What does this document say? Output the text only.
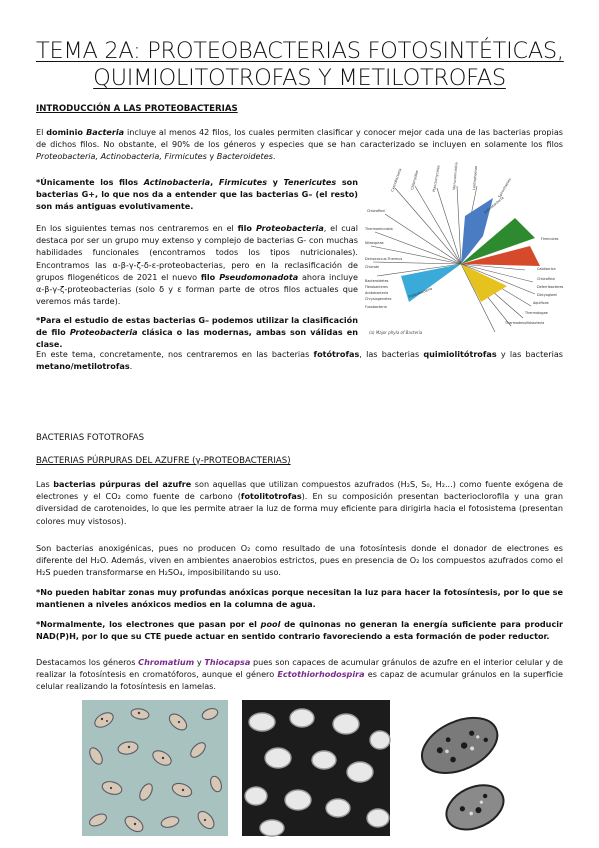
TEMA 2A: PROTEOBACTERIAS FOTOSINTÉTICAS,
QUIMIOLITOTROFAS Y METILOTROFAS
INTRODUCCIÓN A LAS PROTEOBACTERIAS

El dominio Bacteria incluye al menos 42 filos, los cuales permiten clasificar y conocer mejor cada una de las bacterias propias de dichos filos. No obstante, el 90% de los géneros y especies que se han caracterizado se incluyen en solamente los filos Proteobacteria, Actinobacteria, Firmicutes y Bacteroidetes.

*Únicamente los filos Actinobacteria, Firmicutes y Tenericutes son bacterias G+, lo que nos da a entender que las bacterias G– (el resto) son más antiguas evolutivamente.

En los siguientes temas nos centraremos en el filo Proteobacteria, el cual destaca por ser un grupo muy extenso y complejo de bacterias G- con muchas habilidades funcionales (encontramos todos los tipos nutricionales). Encontramos las α-β-γ-ζ-δ-ε-proteobacterias, pero en la reclasificación de grupos filogenéticos de 2021 el nuevo filo Pseudomonadota ahora incluye α-β-γ-ζ-proteobacterias (solo δ y ε forman parte de otros filos actuales que veremos más tarde).

*Para el estudio de estas bacterias G– podemos utilizar la clasificación de filo Proteobacteria clásica o las modernas, ambas son válidas en clase.

Chloroflexi
Thermomicrobia
Nitrospirae
Deinococcus-Thermus
Chlorobi
Bacteroidetes
Fibrobacteres
Acidobacteria
Chrysiogenetes
Fusobacteria
Caldiserica
Chloroflexi
Deferribacteres
Dictyoglomi
Aquificae
Thermotogae
Thermodesulfobacteria
Cyanobacteria Chlamydiae	Planctomycetes	Verrucomicrobia	Lentisphaerae	Spirochaetes
Actinobacteria
Firmicutes
Proteobacteria
(a) Major phyla of Bacteria

En este tema, concretamente, nos centraremos en las bacterias fotótrofas, las bacterias quimiolitótrofas y las bacterias metano/metilotrofas.

BACTERIAS FOTOTROFAS
BACTERIAS PÚRPURAS DEL AZUFRE (γ-PROTEOBACTERIAS)

Las bacterias púrpuras del azufre son aquellas que utilizan compuestos azufrados (H₂S, S₀, H₂...) como fuente exógena de electrones y el CO₂ como fuente de carbono (fotolitotrofas). En su composición presentan bacterioclorofila y una gran diversidad de carotenoides, lo que les permite atraer la luz de forma muy eficiente para dirigirla hacia el fotosistema (presentan colores muy vistosos).

Son bacterias anoxigénicas, pues no producen O₂ como resultado de una fotosíntesis donde el donador de electrones es diferente del H₂O. Además, viven en ambientes anaerobios estrictos, pues en presencia de O₂ los compuestos azufrados como el H₂S pueden transformarse en H₂SO₄, imposibilitando su uso.

*No pueden habitar zonas muy profundas anóxicas porque necesitan la luz para hacer la fotosíntesis, por lo que se mantienen a niveles anóxicos medios en la columna de agua.

*Normalmente, los electrones que pasan por el pool de quinonas no generan la energía suficiente para producir NAD(P)H, por lo que su CTE puede actuar en sentido contrario favoreciendo a esta formación de poder reductor.

Destacamos los géneros Chromatium y Thiocapsa pues son capaces de acumular gránulos de azufre en el interior celular y de realizar la fotosíntesis en cromatóforos, aunque el género Ectothiorhodospira es capaz de acumular gránulos en la superficie celular realizando la fotosíntesis en lamelas.
